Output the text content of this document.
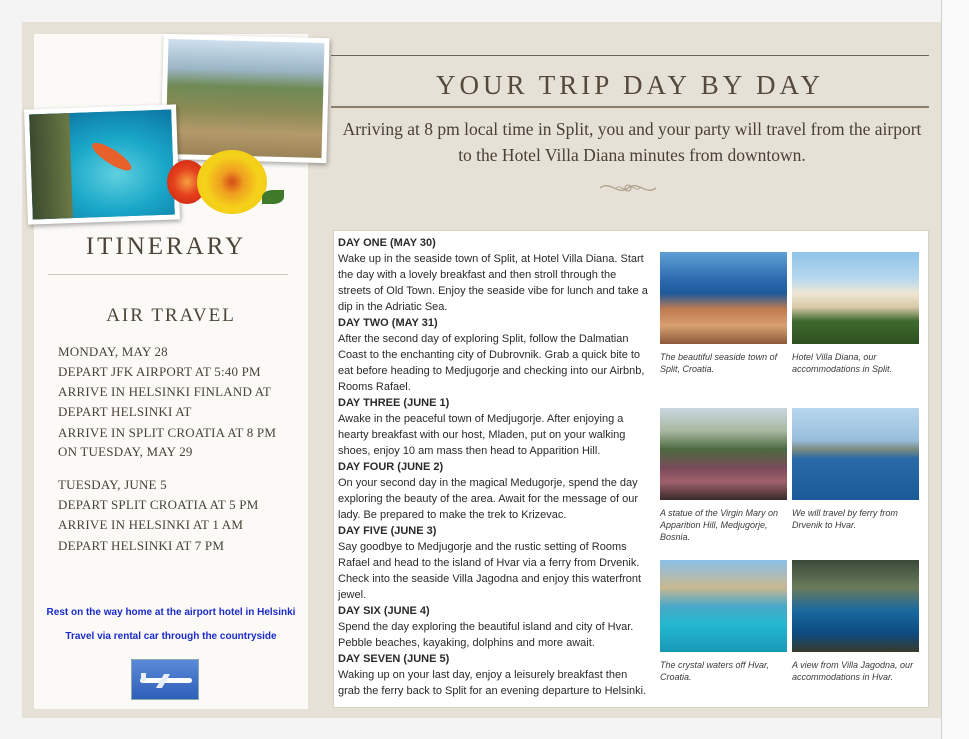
ITINERARY
AIR TRAVEL
MONDAY, MAY 28
DEPART JFK AIRPORT AT 5:40 PM
ARRIVE IN HELSINKI FINLAND AT
DEPART HELSINKI AT
ARRIVE IN SPLIT CROATIA AT 8 PM
ON TUESDAY, MAY 29
TUESDAY, JUNE 5
DEPART SPLIT CROATIA AT 5 PM
ARRIVE IN HELSINKI AT 1 AM
DEPART HELSINKI AT 7 PM
Rest on the way home at the airport hotel in Helsinki
Travel via rental car through the countryside
YOUR TRIP DAY BY DAY
Arriving at 8 pm local time in Split, you and your party will travel from the airport to the Hotel Villa Diana minutes from downtown.

DAY ONE (MAY 30)

Wake up in the seaside town of Split, at Hotel Villa Diana. Start the day with a lovely breakfast and then stroll through the streets of Old Town. Enjoy the seaside vibe for lunch and take a dip in the Adriatic Sea.

DAY TWO (MAY 31)

After the second day of exploring Split, follow the Dalmatian Coast to the enchanting city of Dubrovnik. Grab a quick bite to eat before heading to Medjugorje and checking into our Airbnb, Rooms Rafael.

DAY THREE (JUNE 1)

Awake in the peaceful town of Medjugorje. After enjoying a hearty breakfast with our host, Mladen, put on your walking shoes, enjoy 10 am mass then head to Apparition Hill.

DAY FOUR (JUNE 2)

On your second day in the magical Medugorje, spend the day exploring the beauty of the area. Await for the message of our lady. Be prepared to make the trek to Krizevac.

DAY FIVE (JUNE 3)

Say goodbye to Medjugorje and the rustic setting of Rooms Rafael and head to the island of Hvar via a ferry from Drvenik. Check into the seaside Villa Jagodna and enjoy this waterfront jewel.

DAY SIX (JUNE 4)

Spend the day exploring the beautiful island and city of Hvar. Pebble beaches, kayaking, dolphins and more await.

DAY SEVEN (JUNE 5)

Waking up on your last day, enjoy a leisurely breakfast then grab the ferry back to Split for an evening departure to Helsinki.

The beautiful seaside town of Split, Croatia.
Hotel Villa Diana, our accommodations in Split.
A statue of the Virgin Mary on Apparition Hill, Medjugorje, Bosnia.
We will travel by ferry from Drvenik to Hvar.
The crystal waters off Hvar, Croatia.
A view from Villa Jagodna, our accommodations in Hvar.
